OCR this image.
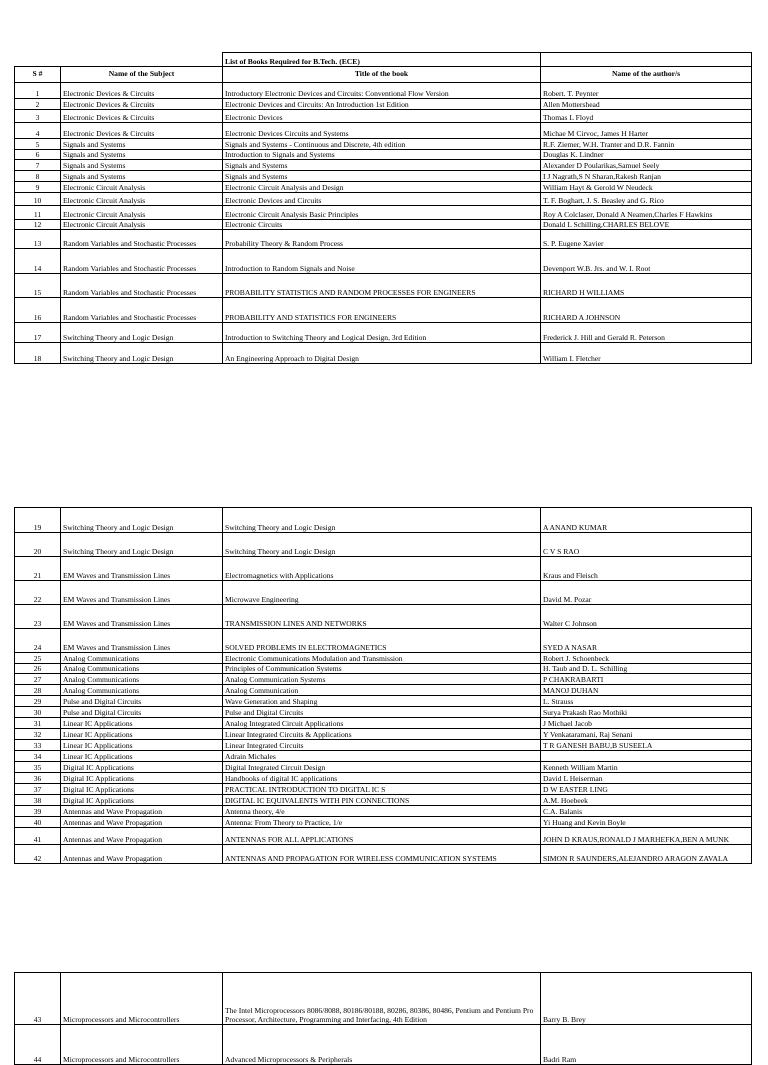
		List of Books Required for B.Tech. (ECE)	
S #	Name of the Subject	Title of the book	Name of the author/s
1	Electronic Devices & Circuits	Introductory Electronic Devices and Circuits: Conventional Flow Version	Robert. T. Peynter
2	Electronic Devices & Circuits	Electronic Devices and Circuits: An Introduction 1st Edition	Allen Mottershead
3	Electronic Devices & Circuits	Electronic Devices	Thomas L Floyd
4	Electronic Devices & Circuits	Electronic Devices Circuits and Systems	Michae M Cirvoc, James H Harter
5	Signals and Systems	Signals and Systems - Continuous and Discrete, 4th edition	R.F. Ziemer, W.H. Tranter and D.R. Fannin
6	Signals and Systems	Introduction to Signals and Systems	Douglas K. Lindner
7	Signals and Systems	Signals and Systems	Alexander D Poularikas,Samuel Seely
8	Signals and Systems	Signals and Systems	I J Nagrath,S N Sharan,Rakesh Ranjan
9	Electronic Circuit Analysis	Electronic Circuit Analysis and Design	William Hayt & Gerold W Neudeck
10	Electronic Circuit Analysis	Electronic Devices and Circuits	T. F. Boghart, J. S. Beasley and G. Rico
11	Electronic Circuit Analysis	Electronic Circuit Analysis Basic Principles	Roy A Colclaser, Donald A Neamen,Charles F Hawkins
12	Electronic Circuit Analysis	Electronic Circuits	Donald L Schilling,CHARLES BELOVE
13	Random Variables and Stochastic Processes	Probability Theory & Random Process	S. P. Eugene Xavier
14	Random Variables and Stochastic Processes	Introduction to Random Signals and Noise	Devenport W.B. Jrs. and W. I. Root
15	Random Variables and Stochastic Processes	PROBABILITY STATISTICS AND RANDOM PROCESSES FOR ENGINEERS	RICHARD H WILLIAMS
16	Random Variables and Stochastic Processes	PROBABILITY AND STATISTICS FOR ENGINEERS	RICHARD A JOHNSON
17	Switching Theory and Logic Design	Introduction to Switching Theory and Logical Design, 3rd Edition	Frederick J. Hill and Gerald R. Peterson
18	Switching Theory and Logic Design	An Engineering Approach to Digital Design	William I. Fletcher
19	Switching Theory and Logic Design	Switching Theory and Logic Design	A ANAND KUMAR
20	Switching Theory and Logic Design	Switching Theory and Logic Design	C V S RAO
21	EM Waves and Transmission Lines	Electromagnetics with Applications	Kraus and Fleisch
22	EM Waves and Transmission Lines	Microwave Engineering	David M. Pozar
23	EM Waves and Transmission Lines	TRANSMISSION LINES AND NETWORKS	Walter C Johnson
24	EM Waves and Transmission Lines	SOLVED PROBLEMS IN ELECTROMAGNETICS	SYED A NASAR
25	Analog Communications	Electronic Communications Modulation and Transmission	Robert J. Schoenbeck
26	Analog Communications	Principles of Communication Systems	H. Taub and D. L. Schilling
27	Analog Communications	Analog Communication Systems	P CHAKRABARTI
28	Analog Communications	Analog Communication	MANOJ DUHAN
29	Pulse and Digital Circuits	Wave Generation and Shaping	L. Strauss
30	Pulse and Digital Circuits	Pulse and Digital Circuits	Surya Prakash Rao Mothiki
31	Linear IC Applications	Analog Integrated Circuit Applications	J Michael Jacob
32	Linear IC Applications	Linear Integrated Circuits & Applications	Y Venkataramani, Raj Senani
33	Linear IC Applications	Linear Integrated Circuits	T R GANESH BABU,B SUSEELA
34	Linear IC Applications	Adrain Michales	
35	Digital IC Applications	Digital Integrated Circuit Design	Kenneth William Martin
36	Digital IC Applications	Handbooks of digital IC applications	David L Heiserman
37	Digital IC Applications	PRACTICAL INTRODUCTION TO DIGITAL IC S	D W EASTER LING
38	Digital IC Applications	DIGITAL IC EQUIVALENTS WITH PIN CONNECTIONS	A.M. Hoebeek
39	Antennas and Wave Propagation	Antenna theory, 4/e	C.A. Balanis
40	Antennas and Wave Propagation	Antenna: From Theory to Practice, 1/e	Yi Huang and Kevin Boyle
41	Antennas and Wave Propagation	ANTENNAS FOR ALL APPLICATIONS	JOHN D KRAUS,RONALD J MARHEFKA,BEN A MUNK
42	Antennas and Wave Propagation	ANTENNAS AND PROPAGATION FOR WIRELESS COMMUNICATION SYSTEMS	SIMON R SAUNDERS,ALEJANDRO ARAGON ZAVALA
43	Microprocessors and Microcontrollers	The Intel Microprocessors 8086/8088, 80186/80188, 80286, 80386, 80486, Pentium and Pentium Pro Processor, Architecture, Programming and Interfacing, 4th Edition	Barry B. Brey
44	Microprocessors and Microcontrollers	Advanced Microprocessors & Peripherals	Badri Ram
